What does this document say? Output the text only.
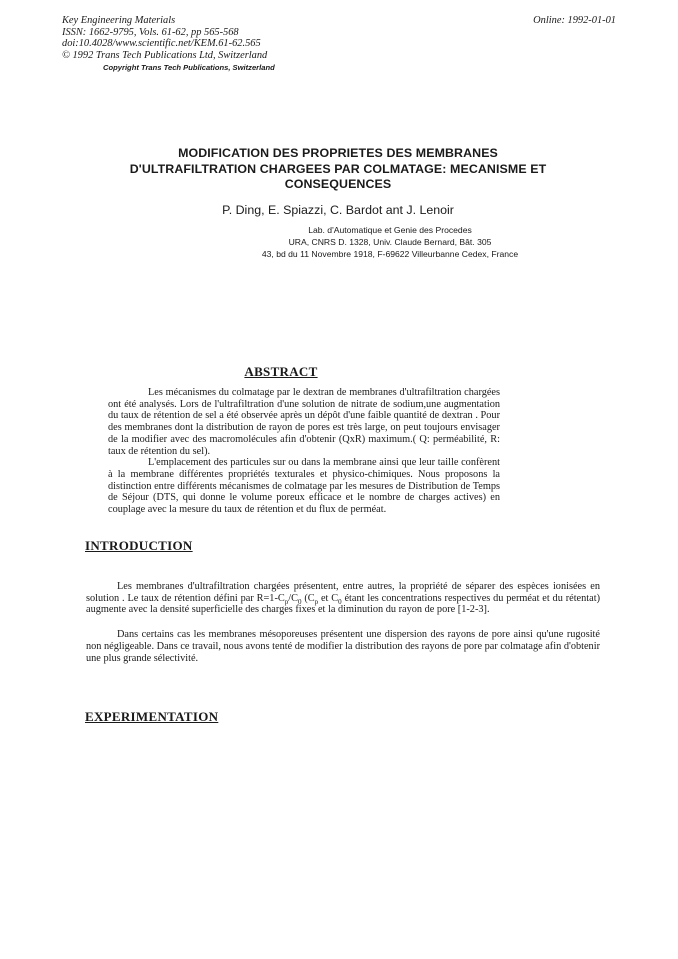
Key Engineering Materials
ISSN: 1662-9795, Vols. 61-62, pp 565-568
doi:10.4028/www.scientific.net/KEM.61-62.565
© 1992 Trans Tech Publications Ltd, Switzerland
Online: 1992-01-01
Copyright Trans Tech Publications, Switzerland
MODIFICATION DES PROPRIETES DES MEMBRANES
D'ULTRAFILTRATION CHARGEES PAR COLMATAGE: MECANISME ET
CONSEQUENCES
P. Ding, E. Spiazzi, C. Bardot ant J. Lenoir
Lab. d'Automatique et Genie des Procedes
URA, CNRS D. 1328, Univ. Claude Bernard, Bât. 305
43, bd du 11 Novembre 1918, F-69622 Villeurbanne Cedex, France
ABSTRACT

Les mécanismes du colmatage par le dextran de membranes d'ultrafiltration chargées ont été analysés. Lors de l'ultrafiltration d'une solution de nitrate de sodium,une augmentation du taux de rétention de sel a été observée après un dépôt d'une faible quantité de dextran . Pour des membranes dont la distribution de rayon de pores est très large, on peut toujours envisager de la modifier avec des macromolécules afin d'obtenir (QxR) maximum.( Q: perméabilité, R: taux de rétention du sel).

L'emplacement des particules sur ou dans la membrane ainsi que leur taille confèrent à la membrane différentes propriétés texturales et physico-chimiques. Nous proposons la distinction entre différents mécanismes de colmatage par les mesures de Distribution de Temps de Séjour (DTS, qui donne le volume poreux efficace et le nombre de charges actives) en couplage avec la mesure du taux de rétention et du flux de perméat.

INTRODUCTION

Les membranes d'ultrafiltration chargées présentent, entre autres, la propriété de séparer des espèces ionisées en solution . Le taux de rétention défini par $R=1-C_p/C_0$ ($C_p$ et $C_0$ étant les concentrations respectives du perméat et du rétentat) augmente avec la densité superficielle des charges fixes et la diminution du rayon de pore [1-2-3].

Dans certains cas les membranes mésoporeuses présentent une dispersion des rayons de pore ainsi qu'une rugosité non négligeable. Dans ce travail, nous avons tenté de modifier la distribution des rayons de pore par colmatage afin d'obtenir une plus grande sélectivité.

EXPERIMENTATION
